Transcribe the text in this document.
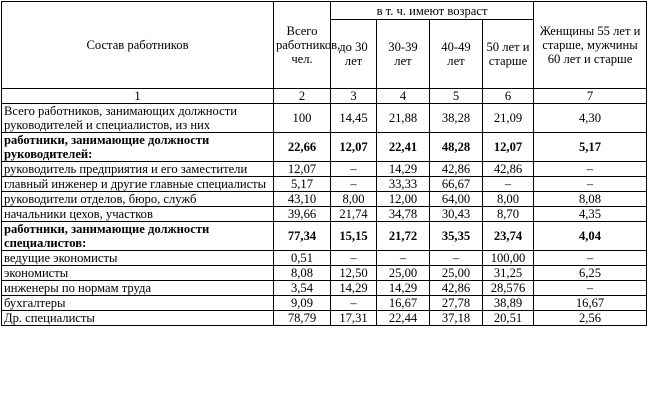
Состав работников	Всего работников, чел.	в т. ч. имеют возраст				Женщины 55 лет и старше, мужчины 60 лет и старше
		до 30 лет	30-39 лет	40-49 лет	50 лет и старше	
1	2	3	4	5	6	7
Всего работников, занимающих должности руководителей и специалистов, из них	100	14,45	21,88	38,28	21,09	4,30
работники, занимающие должности руководителей:	22,66	12,07	22,41	48,28	12,07	5,17
руководитель предприятия и его заместители	12,07	–	14,29	42,86	42,86	–
главный инженер и другие главные специалисты	5,17	–	33,33	66,67	–	–
руководители отделов, бюро, служб	43,10	8,00	12,00	64,00	8,00	8,08
начальники цехов, участков	39,66	21,74	34,78	30,43	8,70	4,35
работники, занимающие должности специалистов:	77,34	15,15	21,72	35,35	23,74	4,04
ведущие экономисты	0,51	–	–	–	100,00	–
экономисты	8,08	12,50	25,00	25,00	31,25	6,25
инженеры по нормам труда	3,54	14,29	14,29	42,86	28,576	–
бухгалтеры	9,09	–	16,67	27,78	38,89	16,67
Др. специалисты	78,79	17,31	22,44	37,18	20,51	2,56
